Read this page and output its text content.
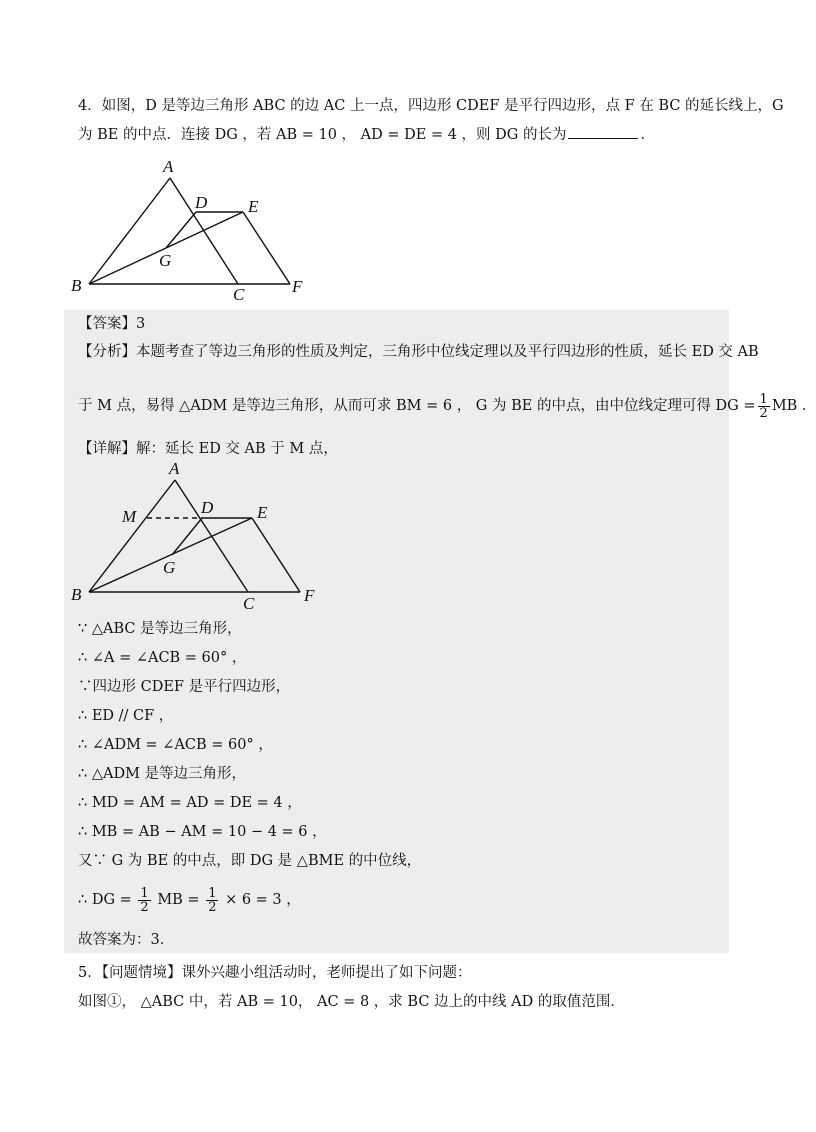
4．如图，D 是等边三角形 ABC 的边 AC 上一点，四边形 CDEF 是平行四边形，点 F 在 BC 的延长线上，G
为 BE 的中点．连接 DG ，若 AB = 10 ， AD = DE = 4 ，则 DG 的长为	．
A
D E
G
B	C	F
【答案】3
【分析】本题考查了等边三角形的性质及判定，三角形中位线定理以及平行四边形的性质，延长 ED 交 AB
于 M 点，易得 △ADM 是等边三角形，从而可求 BM = 6 ， G 为 BE 的中点，由中位线定理可得 DG = $\frac{1}{2}$ MB ．
【详解】解：延长 ED 交 AB 于 M 点，
A
M	D	E
G
B	C	F
∵ △ABC 是等边三角形，
∴ ∠A = ∠ACB = 60° ，
∵四边形 CDEF 是平行四边形，
∴ ED // CF ，
∴ ∠ADM = ∠ACB = 60° ，
∴ △ADM 是等边三角形，
∴ MD = AM = AD = DE = 4 ，
∴ MB = AB − AM = 10 − 4 = 6 ，
又∵ G 为 BE 的中点，即 DG 是 △BME 的中位线，
∴ DG = $\frac{1}{2}$ MB = $\frac{1}{2} \times 6 = 3$ ，
故答案为：3．
5．【问题情境】课外兴趣小组活动时，老师提出了如下问题：
如图①， △ABC 中，若 AB = 10， AC = 8 ，求 BC 边上的中线 AD 的取值范围．
